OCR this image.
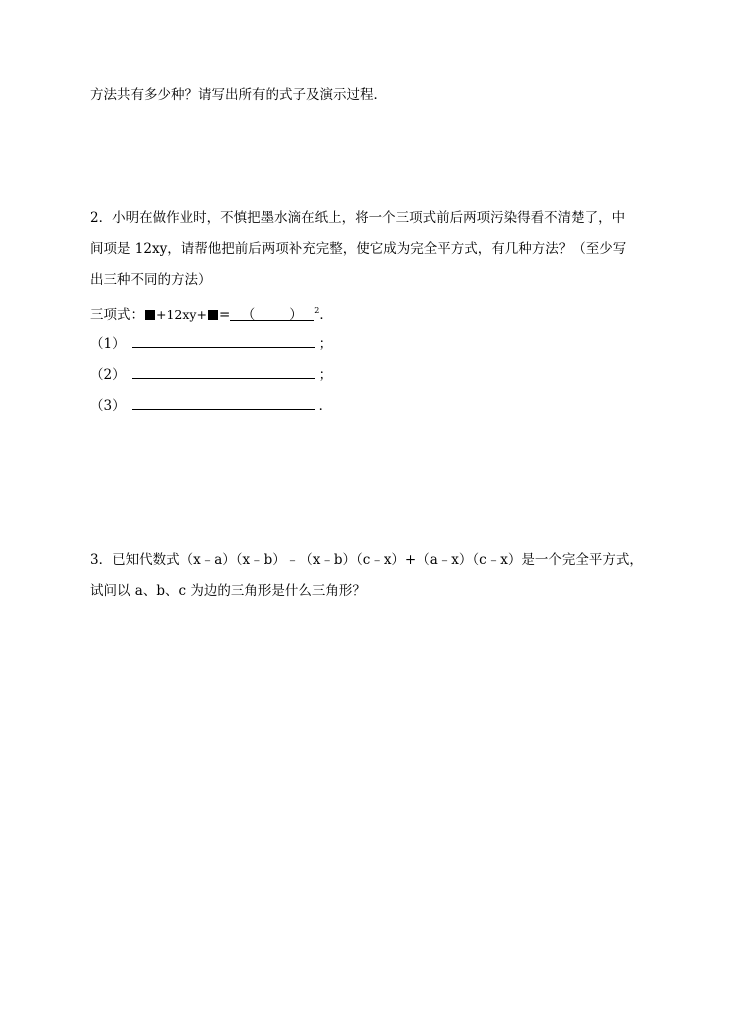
方法共有多少种？请写出所有的式子及演示过程．
2．小明在做作业时，不慎把墨水滴在纸上，将一个三项式前后两项污染得看不清楚了，中
间项是 12xy，请帮他把前后两项补充完整，使它成为完全平方式，有几种方法？（至少写
出三种不同的方法）
三项式： +12xy+ = （	） $^2$．
（1）	；
（2）	；
（3）	．
3．已知代数式（x﹣a）（x﹣b）﹣（x﹣b）（c﹣x）+（a﹣x）（c﹣x）是一个完全平方式，
试问以 a、b、c 为边的三角形是什么三角形？
